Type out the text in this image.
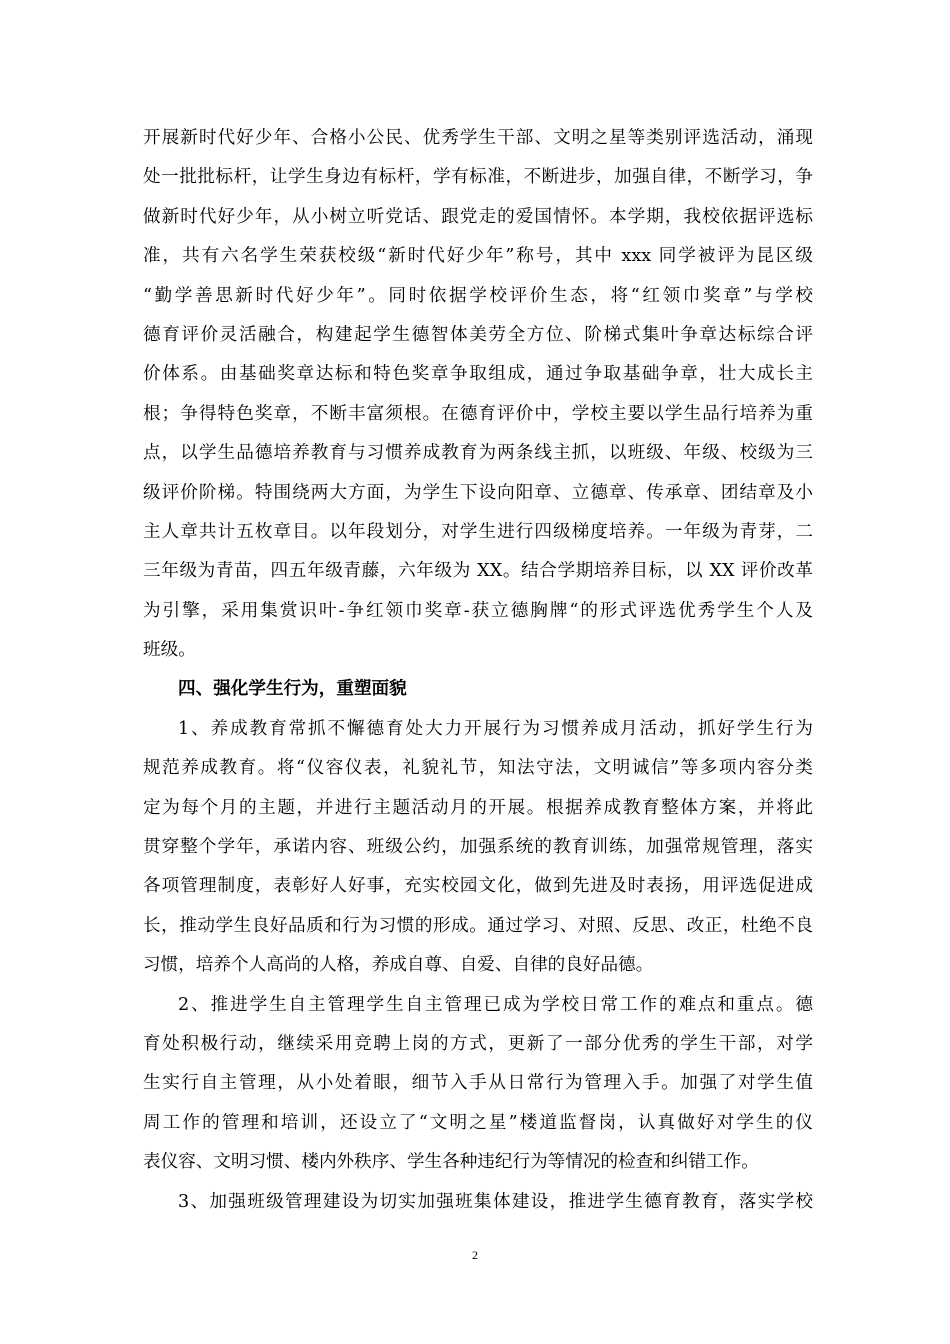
开展新时代好少年、合格小公民、优秀学生干部、文明之星等类别评选活动，涌现
处一批批标杆，让学生身边有标杆，学有标准，不断进步，加强自律，不断学习，争
做新时代好少年，从小树立听党话、跟党走的爱国情怀。本学期，我校依据评选标
准，共有六名学生荣获校级“新时代好少年”称号，其中 xxx 同学被评为昆区级
“勤学善思新时代好少年”。同时依据学校评价生态，将“红领巾奖章”与学校
德育评价灵活融合，构建起学生德智体美劳全方位、阶梯式集叶争章达标综合评
价体系。由基础奖章达标和特色奖章争取组成，通过争取基础争章，壮大成长主
根；争得特色奖章，不断丰富须根。在德育评价中，学校主要以学生品行培养为重
点，以学生品德培养教育与习惯养成教育为两条线主抓，以班级、年级、校级为三
级评价阶梯。特围绕两大方面，为学生下设向阳章、立德章、传承章、团结章及小
主人章共计五枚章目。以年段划分，对学生进行四级梯度培养。一年级为青芽，二
三年级为青苗，四五年级青藤，六年级为 XX。结合学期培养目标，以 XX 评价改革
为引擎，采用集赏识叶-争红领巾奖章-获立德胸牌“的形式评选优秀学生个人及
班级。
四、强化学生行为，重塑面貌
1、养成教育常抓不懈德育处大力开展行为习惯养成月活动，抓好学生行为
规范养成教育。将“仪容仪表，礼貌礼节，知法守法，文明诚信”等多项内容分类
定为每个月的主题，并进行主题活动月的开展。根据养成教育整体方案，并将此
贯穿整个学年，承诺内容、班级公约，加强系统的教育训练，加强常规管理，落实
各项管理制度，表彰好人好事，充实校园文化，做到先进及时表扬，用评选促进成
长，推动学生良好品质和行为习惯的形成。通过学习、对照、反思、改正，杜绝不良
习惯，培养个人高尚的人格，养成自尊、自爱、自律的良好品德。
2、推进学生自主管理学生自主管理已成为学校日常工作的难点和重点。德
育处积极行动，继续采用竞聘上岗的方式，更新了一部分优秀的学生干部，对学
生实行自主管理，从小处着眼，细节入手从日常行为管理入手。加强了对学生值
周工作的管理和培训，还设立了“文明之星”楼道监督岗，认真做好对学生的仪
表仪容、文明习惯、楼内外秩序、学生各种违纪行为等情况的检查和纠错工作。
3、加强班级管理建设为切实加强班集体建设，推进学生德育教育，落实学校
2
